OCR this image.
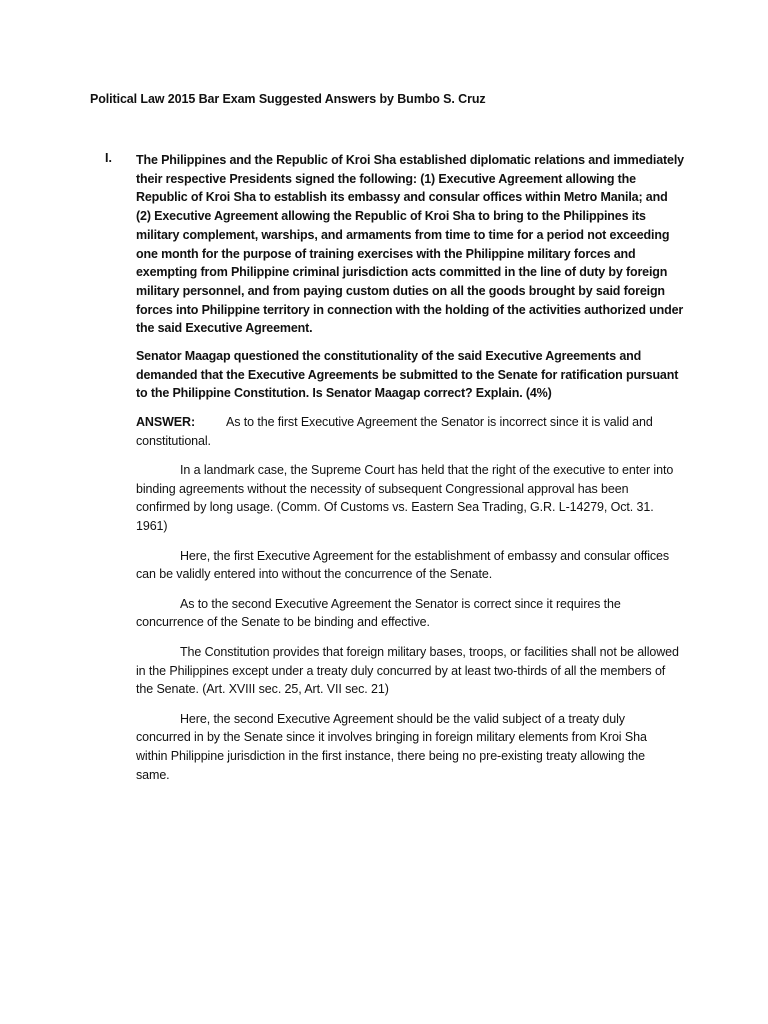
Political Law 2015 Bar Exam Suggested Answers by Bumbo S. Cruz
I. The Philippines and the Republic of Kroi Sha established diplomatic relations and immediately their respective Presidents signed the following: (1) Executive Agreement allowing the Republic of Kroi Sha to establish its embassy and consular offices within Metro Manila; and (2) Executive Agreement allowing the Republic of Kroi Sha to bring to the Philippines its military complement, warships, and armaments from time to time for a period not exceeding one month for the purpose of training exercises with the Philippine military forces and exempting from Philippine criminal jurisdiction acts committed in the line of duty by foreign military personnel, and from paying custom duties on all the goods brought by said foreign forces into Philippine territory in connection with the holding of the activities authorized under the said Executive Agreement.

Senator Maagap questioned the constitutionality of the said Executive Agreements and demanded that the Executive Agreements be submitted to the Senate for ratification pursuant to the Philippine Constitution. Is Senator Maagap correct? Explain. (4%)

ANSWER: As to the first Executive Agreement the Senator is incorrect since it is valid and constitutional.

In a landmark case, the Supreme Court has held that the right of the executive to enter into binding agreements without the necessity of subsequent Congressional approval has been confirmed by long usage. (Comm. Of Customs vs. Eastern Sea Trading, G.R. L-14279, Oct. 31. 1961)

Here, the first Executive Agreement for the establishment of embassy and consular offices can be validly entered into without the concurrence of the Senate.

As to the second Executive Agreement the Senator is correct since it requires the concurrence of the Senate to be binding and effective.

The Constitution provides that foreign military bases, troops, or facilities shall not be allowed in the Philippines except under a treaty duly concurred by at least two-thirds of all the members of the Senate. (Art. XVIII sec. 25, Art. VII sec. 21)

Here, the second Executive Agreement should be the valid subject of a treaty duly concurred in by the Senate since it involves bringing in foreign military elements from Kroi Sha within Philippine jurisdiction in the first instance, there being no pre-existing treaty allowing the same.
